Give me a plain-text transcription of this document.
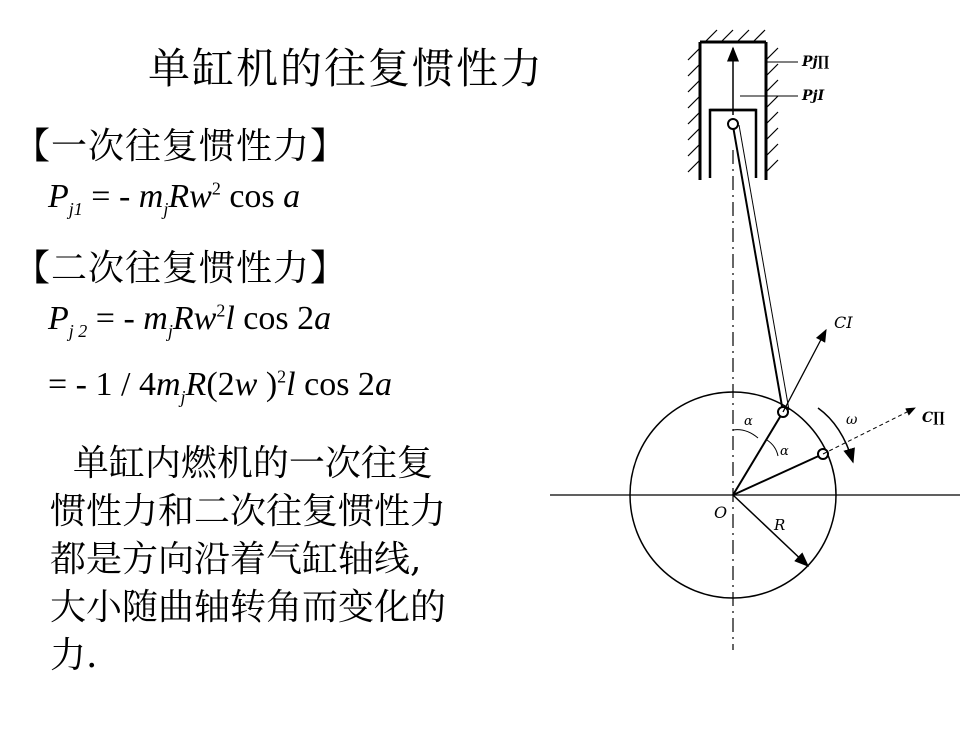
单缸机的往复惯性力
【一次往复惯性力】
$P_{j1}$ = - $m_jRw^2$ cos a
【二次往复惯性力】
$P_{j 2}$ = - $m_jRw^2l$ cos 2a
= - $1 / 4m_jR(2w$ )$^2$l cos 2a

单缸内燃机的一次往复

惯性力和二次往复惯性力

都是方向沿着气缸轴线,

大小随曲轴转角而变化的

力.

Pj∏
PjI
CI
C∏
ω
α
α
R
O
